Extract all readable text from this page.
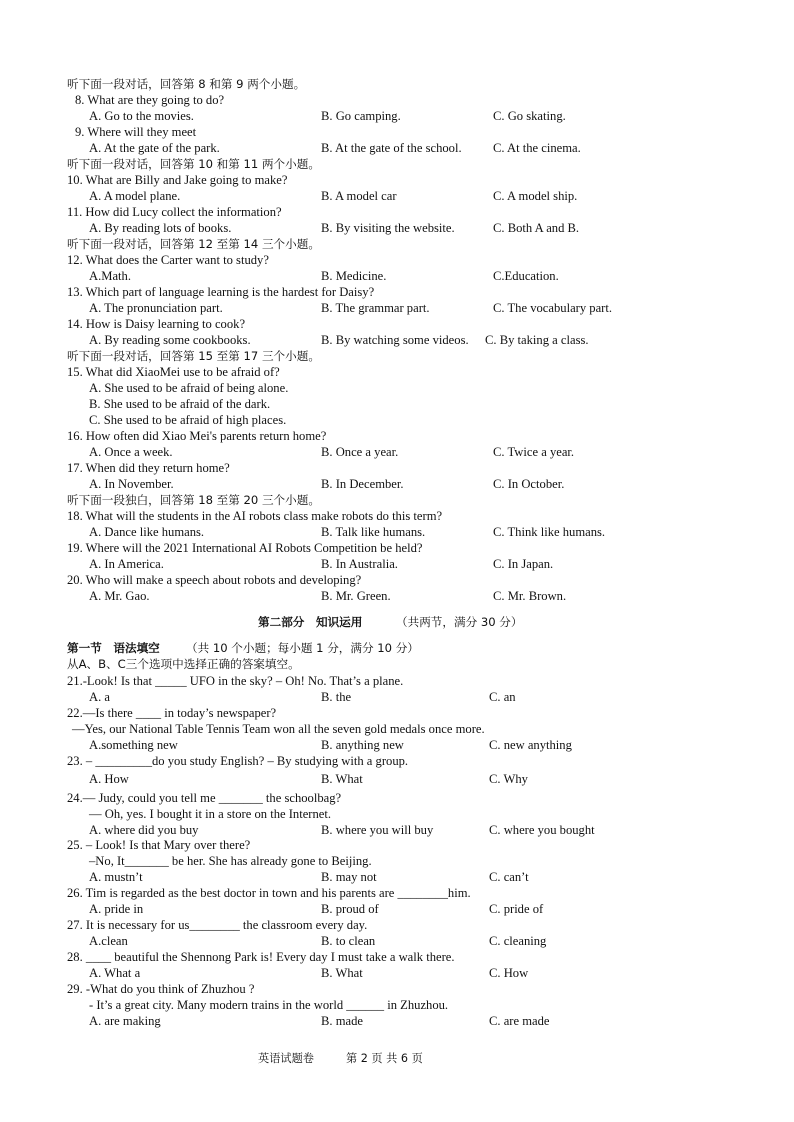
听下面一段对话，回答第 8 和第 9 两个小题。
8. What are they going to do?
A. Go to the movies.	B. Go camping.	C. Go skating.
9. Where will they meet
A. At the gate of the park.	B. At the gate of the school. C. At the cinema.
听下面一段对话，回答第 10 和第 11 两个小题。
10. What are Billy and Jake going to make?
A. A model plane.	B. A model car	C. A model ship.
11. How did Lucy collect the information?
A. By reading lots of books.	B. By visiting the website.	C. Both A and B.
听下面一段对话，回答第 12 至第 14 三个小题。
12. What does the Carter want to study?
A.Math.	B. Medicine.	C.Education.
13. Which part of language learning is the hardest for Daisy?
A. The pronunciation part.	B. The grammar part.	C. The vocabulary part.
14. How is Daisy learning to cook?
A. By reading some cookbooks.	B. By watching some videos. C. By taking a class.
听下面一段对话，回答第 15 至第 17 三个小题。
15. What did XiaoMei use to be afraid of?
A. She used to be afraid of being alone.
B. She used to be afraid of the dark.
C. She used to be afraid of high places.
16. How often did Xiao Mei's parents return home?
A. Once a week.	B. Once a year.	C. Twice a year.
17. When did they return home?
A. In November.	B. In December.	C. In October.
听下面一段独白，回答第 18 至第 20 三个小题。
18. What will the students in the AI robots class make robots do this term?
A. Dance like humans.	B. Talk like humans.	C. Think like humans.
19. Where will the 2021 International AI Robots Competition be held?
A. In America.	B. In Australia.	C. In Japan.
20. Who will make a speech about robots and developing?
A. Mr. Gao.	B. Mr. Green.	C. Mr. Brown.
第二部分　知识运用	（共两节，满分 30 分）
第一节　语法填空 （共 10 个小题；每小题 1 分，满分 10 分）
从A、B、C三个选项中选择正确的答案填空。
21.-Look! Is that _____ UFO in the sky? – Oh! No. That’s a plane.
A. a	B. the	C. an
22.—Is there ____ in today’s newspaper?
—Yes, our National Table Tennis Team won all the seven gold medals once more.
A.something new	B. anything new	C. new anything
23. – _________do you study English? – By studying with a group.
A. How	B. What	C. Why
24.— Judy, could you tell me _______ the schoolbag?
— Oh, yes. I bought it in a store on the Internet.
A. where did you buy	B. where you will buy	C. where you bought
25. – Look! Is that Mary over there?
–No, It_______ be her. She has already gone to Beijing.
A. mustn’t	B. may not	C. can’t
26. Tim is regarded as the best doctor in town and his parents are ________him.
A. pride in	B. proud of	C. pride of
27. It is necessary for us________ the classroom every day.
A.clean	B. to clean	C. cleaning
28. ____ beautiful the Shennong Park is! Every day I must take a walk there.
A. What a	B. What	C. How
29. -What do you think of Zhuzhou ?
- It’s a great city. Many modern trains in the world ______ in Zhuzhou.
A. are making	B. made	C. are made
英语试题卷	第 2 页 共 6 页
